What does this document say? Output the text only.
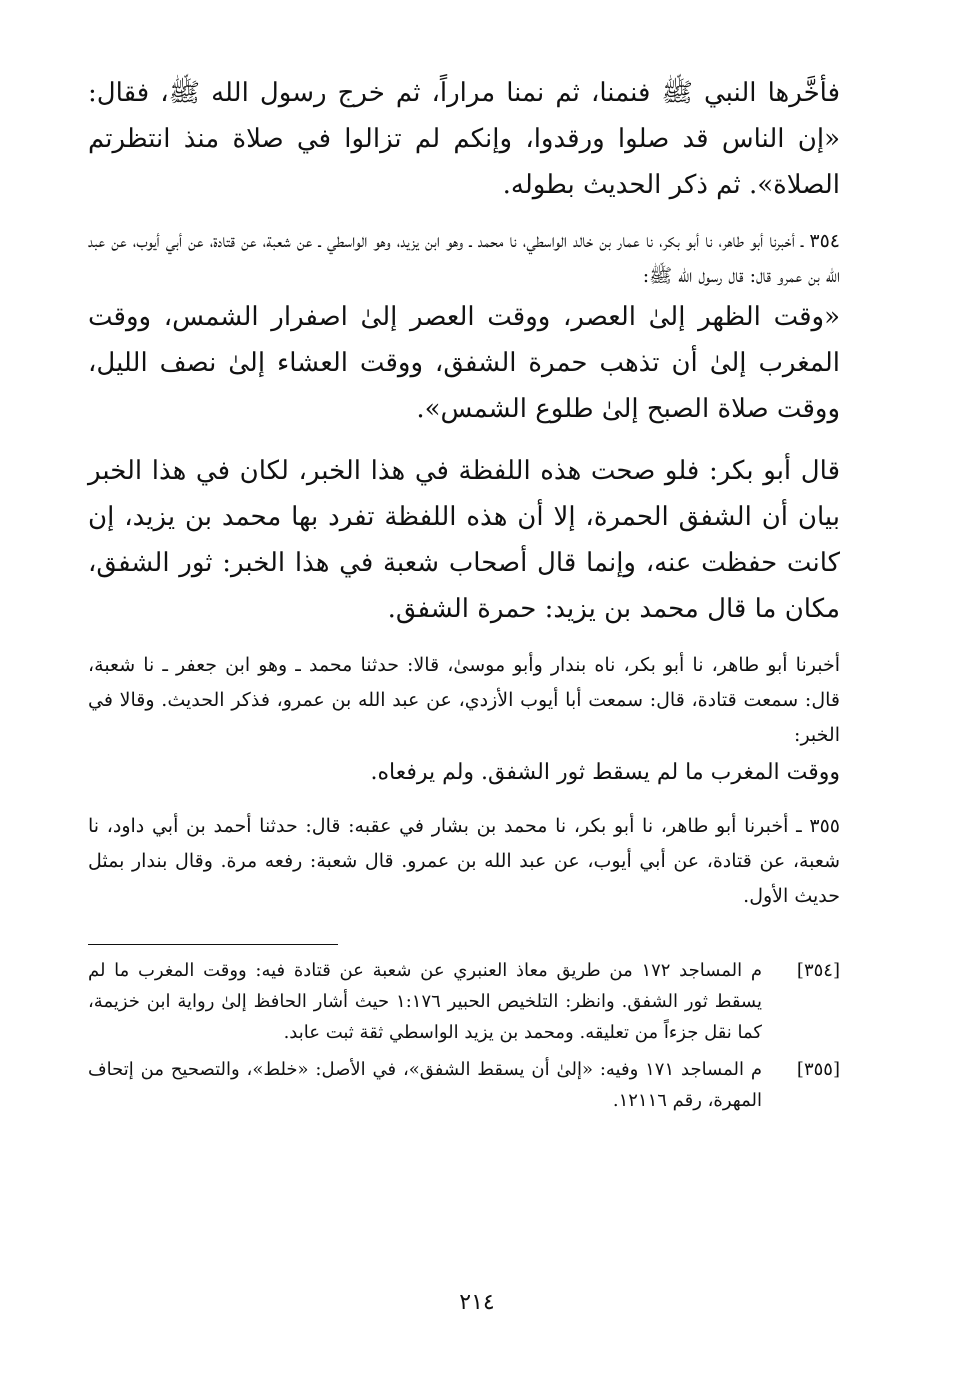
فأخَّرها النبي ﷺ فنمنا، ثم نمنا مراراً، ثم خرج رسول الله ﷺ، فقال: «إن الناس قد صلوا ورقدوا، وإنكم لم تزالوا في صلاة منذ انتظرتم الصلاة». ثم ذكر الحديث بطوله.

٣٥٤ ـ أخبرنا أبو طاهر، نا أبو بكر، نا عمار بن خالد الواسطي، نا محمد ـ وهو ابن يزيد، وهو الواسطي ـ عن شعبة، عن قتادة، عن أبي أيوب، عن عبد الله بن عمرو قال: قال رسول الله ﷺ:

«وقت الظهر إلىٰ العصر، ووقت العصر إلىٰ اصفرار الشمس، ووقت المغرب إلىٰ أن تذهب حمرة الشفق، ووقت العشاء إلىٰ نصف الليل، ووقت صلاة الصبح إلىٰ طلوع الشمس».

قال أبو بكر: فلو صحت هذه اللفظة في هذا الخبر، لكان في هذا الخبر بيان أن الشفق الحمرة، إلا أن هذه اللفظة تفرد بها محمد بن يزيد، إن كانت حفظت عنه، وإنما قال أصحاب شعبة في هذا الخبر: ثور الشفق، مكان ما قال محمد بن يزيد: حمرة الشفق.

أخبرنا أبو طاهر، نا أبو بكر، ناه بندار وأبو موسىٰ، قالا: حدثنا محمد ـ وهو ابن جعفر ـ نا شعبة، قال: سمعت قتادة، قال: سمعت أبا أيوب الأزدي، عن عبد الله بن عمرو، فذكر الحديث. وقالا في الخبر:

ووقت المغرب ما لم يسقط ثور الشفق. ولم يرفعاه.

٣٥٥ ـ أخبرنا أبو طاهر، نا أبو بكر، نا محمد بن بشار في عقبه: قال: حدثنا أحمد بن أبي داود، نا شعبة، عن قتادة، عن أبي أيوب، عن عبد الله بن عمرو. قال شعبة: رفعه مرة. وقال بندار بمثل حديث الأول.

[٣٥٤]
م المساجد ١٧٢ من طريق معاذ العنبري عن شعبة عن قتادة فيه: ووقت المغرب ما لم يسقط ثور الشفق. وانظر: التلخيص الحبير ١:١٧٦ حيث أشار الحافظ إلىٰ رواية ابن خزيمة، كما نقل جزءاً من تعليقه. ومحمد بن يزيد الواسطي ثقة ثبت عابد.
[٣٥٥]
م المساجد ١٧١ وفيه: «إلىٰ أن يسقط الشفق»، في الأصل: «خلط»، والتصحيح من إتحاف المهرة، رقم ١٢١١٦.
٢١٤
